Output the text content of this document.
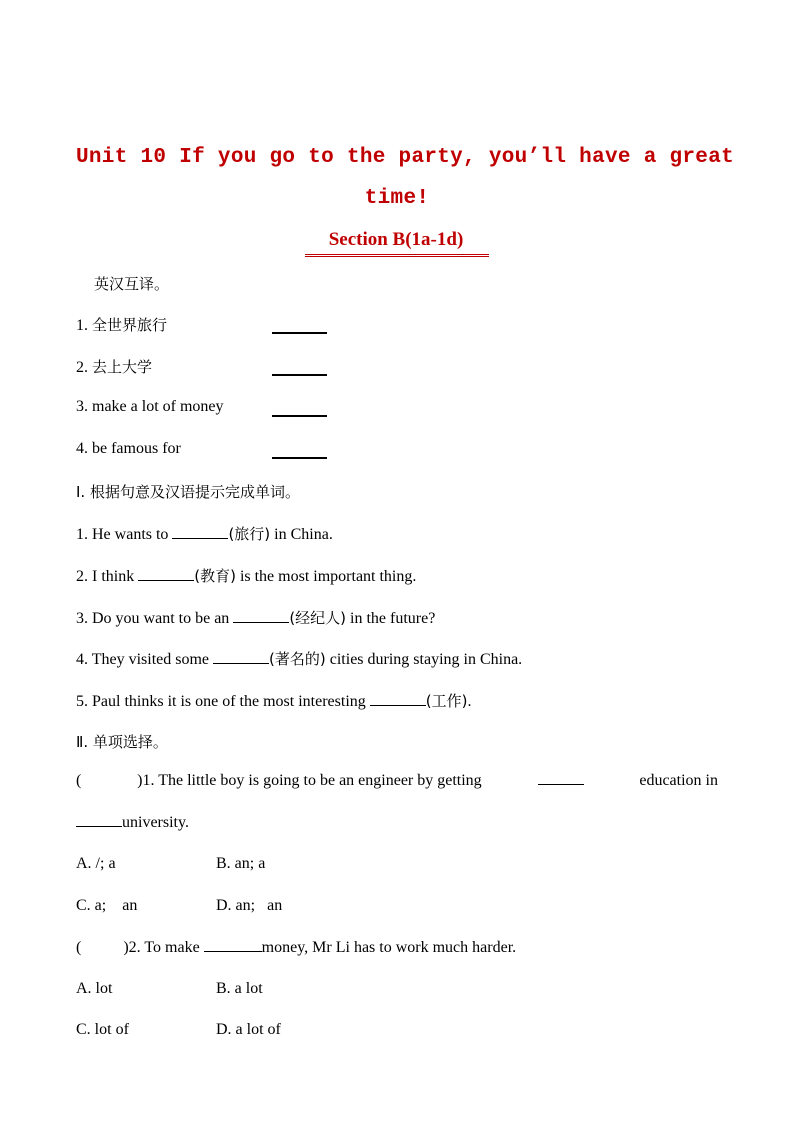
Unit 10 If you go to the party, you’ll have a great
time!
Section B(1a-1d)
英汉互译。
1. 全世界旅行
2. 去上大学
3. make a lot of money
4. be famous for
Ⅰ. 根据句意及汉语提示完成单词。
1. He wants to	(旅行) in China.
2. I think	(教育) is the most important thing.
3. Do you want to be an	(经纪人) in the future?
4. They visited some	(著名的) cities during staying in China.
5. Paul thinks it is one of the most interesting	(工作).
Ⅱ. 单项选择。
(	)1. The little boy is going to be an engineer by getting	education in
university.
A. /; a	B. an; a
C. a;    an	D. an;   an
(	)2. To make	money, Mr Li has to work much harder.
A. lot	B. a lot
C. lot of	D. a lot of
